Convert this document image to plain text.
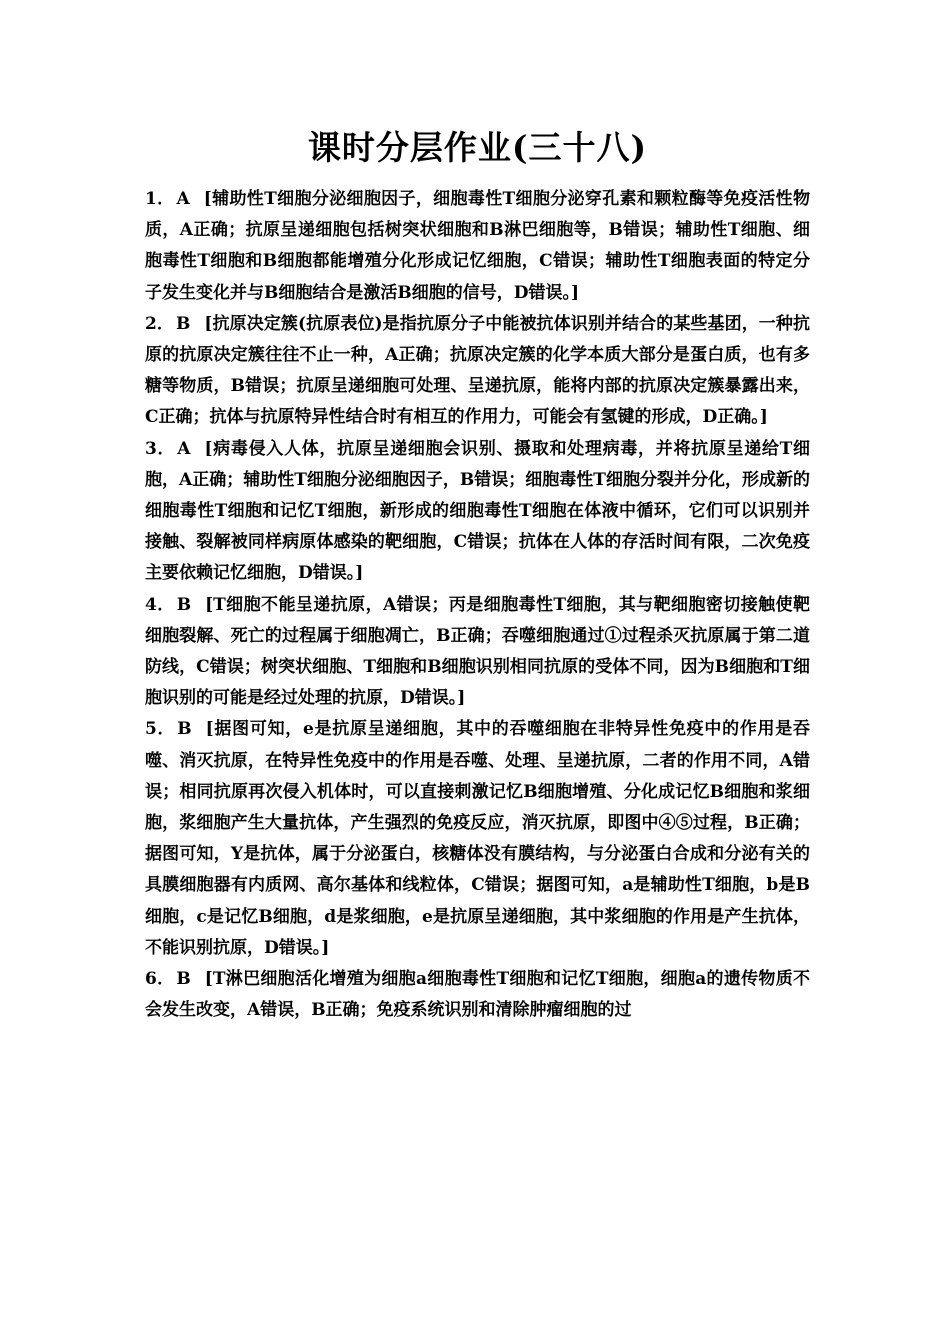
课时分层作业(三十八)

1． A [辅助性T细胞分泌细胞因子，细胞毒性T细胞分泌穿孔素和颗粒酶等免疫活性物质，A正确；抗原呈递细胞包括树突状细胞和B淋巴细胞等，B错误；辅助性T细胞、细胞毒性T细胞和B细胞都能增殖分化形成记忆细胞，C错误；辅助性T细胞表面的特定分子发生变化并与B细胞结合是激活B细胞的信号，D错误。]

2． B [抗原决定簇(抗原表位)是指抗原分子中能被抗体识别并结合的某些基团，一种抗原的抗原决定簇往往不止一种，A正确；抗原决定簇的化学本质大部分是蛋白质，也有多糖等物质，B错误；抗原呈递细胞可处理、呈递抗原，能将内部的抗原决定簇暴露出来，C正确；抗体与抗原特异性结合时有相互的作用力，可能会有氢键的形成，D正确。]

3． A [病毒侵入人体，抗原呈递细胞会识别、摄取和处理病毒，并将抗原呈递给T细胞，A正确；辅助性T细胞分泌细胞因子，B错误；细胞毒性T细胞分裂并分化，形成新的细胞毒性T细胞和记忆T细胞，新形成的细胞毒性T细胞在体液中循环，它们可以识别并接触、裂解被同样病原体感染的靶细胞，C错误；抗体在人体的存活时间有限，二次免疫主要依赖记忆细胞，D错误。]

4． B [T细胞不能呈递抗原，A错误；丙是细胞毒性T细胞，其与靶细胞密切接触使靶细胞裂解、死亡的过程属于细胞凋亡，B正确；吞噬细胞通过①过程杀灭抗原属于第二道防线，C错误；树突状细胞、T细胞和B细胞识别相同抗原的受体不同，因为B细胞和T细胞识别的可能是经过处理的抗原，D错误。]

5． B [据图可知，e是抗原呈递细胞，其中的吞噬细胞在非特异性免疫中的作用是吞噬、消灭抗原，在特异性免疫中的作用是吞噬、处理、呈递抗原，二者的作用不同，A错误；相同抗原再次侵入机体时，可以直接刺激记忆B细胞增殖、分化成记忆B细胞和浆细胞，浆细胞产生大量抗体，产生强烈的免疫反应，消灭抗原，即图中④⑤过程，B正确；据图可知，Y是抗体，属于分泌蛋白，核糖体没有膜结构，与分泌蛋白合成和分泌有关的具膜细胞器有内质网、高尔基体和线粒体，C错误；据图可知，a是辅助性T细胞，b是B细胞，c是记忆B细胞，d是浆细胞，e是抗原呈递细胞，其中浆细胞的作用是产生抗体，不能识别抗原，D错误。]

6． B [T淋巴细胞活化增殖为细胞a细胞毒性T细胞和记忆T细胞，细胞a的遗传物质不会发生改变，A错误，B正确；免疫系统识别和清除肿瘤细胞的过
